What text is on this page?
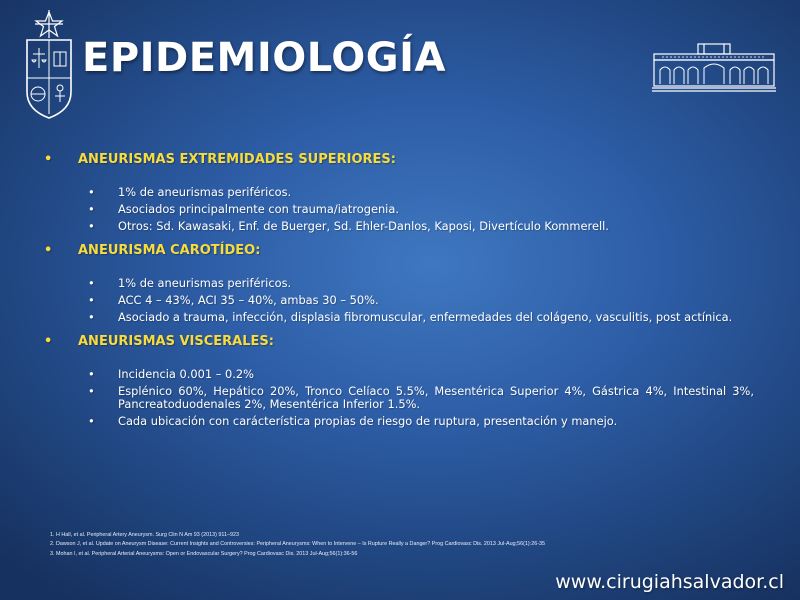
EPIDEMIOLOGÍA
• ANEURISMAS EXTREMIDADES SUPERIORES:
• 1% de aneurismas periféricos.
• Asociados principalmente con trauma/iatrogenia.
• Otros: Sd. Kawasaki, Enf. de Buerger, Sd. Ehler-Danlos, Kaposi, Divertículo Kommerell.
• ANEURISMA CAROTÍDEO:
• 1% de aneurismas periféricos.
• ACC 4 – 43%, ACI 35 – 40%, ambas 30 – 50%.
• Asociado a trauma, infección, displasia fibromuscular, enfermedades del colágeno, vasculitis, post actínica.
• ANEURISMAS VISCERALES:
• Incidencia 0.001 – 0.2%
• Esplénico 60%, Hepático 20%, Tronco Celíaco 5.5%, Mesentérica Superior 4%, Gástrica 4%, Intestinal 3%, Pancreatoduodenales 2%, Mesentérica Inferior 1.5%.
• Cada ubicación con carácterística propias de riesgo de ruptura, presentación y manejo.
1. H Hall, et al. Peripheral Artery Aneurysm. Surg Clin N Am 93 (2013) 911–923
2. Dawson J, et al. Update on Aneurysm Disease: Current Insights and Controversies: Peripheral Aneurysms: When to Intervene – Is Rupture Really a Danger? Prog Cardiovasc Dis. 2013 Jul-Aug;56(1):26-35
3. Mohan I, et al. Peripheral Arterial Aneurysms: Open or Endovascular Surgery? Prog Cardiovasc Dis. 2013 Jul-Aug;56(1):36-56
www.cirugiahsalvador.cl
